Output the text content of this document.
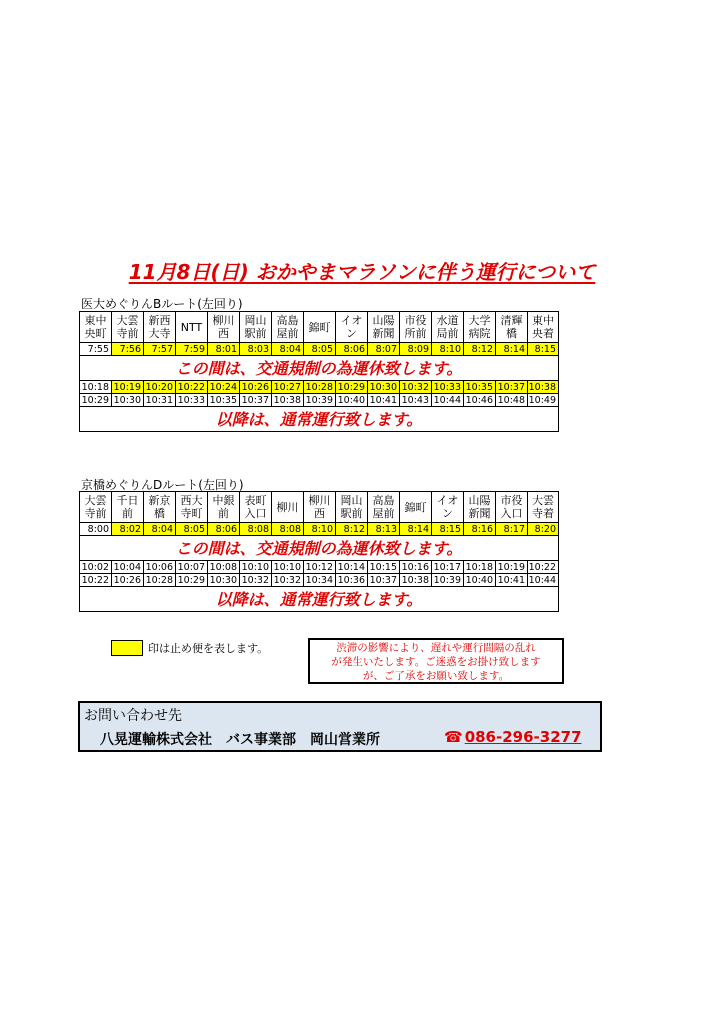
11月8日(日) おかやまマラソンに伴う運行について
医大めぐりんBルート(左回り)
東中央町	大雲寺前	新西大寺	NTT	柳川西	岡山駅前	高島屋前	錦町	イオン	山陽新聞	市役所前	水道局前	大学病院	清輝橋	東中央着
7:55	7:56	7:57	7:59	8:01	8:03	8:04	8:05	8:06	8:07	8:09	8:10	8:12	8:14	8:15
この間は、交通規制の為運休致します。														
10:18	10:19	10:20	10:22	10:24	10:26	10:27	10:28	10:29	10:30	10:32	10:33	10:35	10:37	10:38
10:29	10:30	10:31	10:33	10:35	10:37	10:38	10:39	10:40	10:41	10:43	10:44	10:46	10:48	10:49
以降は、通常運行致します。														
京橋めぐりんDルート(左回り)
大雲寺前	千日前	新京橋	西大寺町	中銀前	表町入口	柳川	柳川西	岡山駅前	高島屋前	錦町	イオン	山陽新聞	市役入口	大雲寺着
8:00	8:02	8:04	8:05	8:06	8:08	8:08	8:10	8:12	8:13	8:14	8:15	8:16	8:17	8:20
この間は、交通規制の為運休致します。														
10:02	10:04	10:06	10:07	10:08	10:10	10:10	10:12	10:14	10:15	10:16	10:17	10:18	10:19	10:22
10:22	10:26	10:28	10:29	10:30	10:32	10:32	10:34	10:36	10:37	10:38	10:39	10:40	10:41	10:44
以降は、通常運行致します。														
印は止め便を表します。	渋滞の影響により、遅れや運行間隔の乱れ
が発生いたします。ご迷惑をお掛け致します
が、ご了承をお願い致します。
お問い合わせ先
八晃運輸株式会社　バス事業部　岡山営業所	☎ 086-296-3277
